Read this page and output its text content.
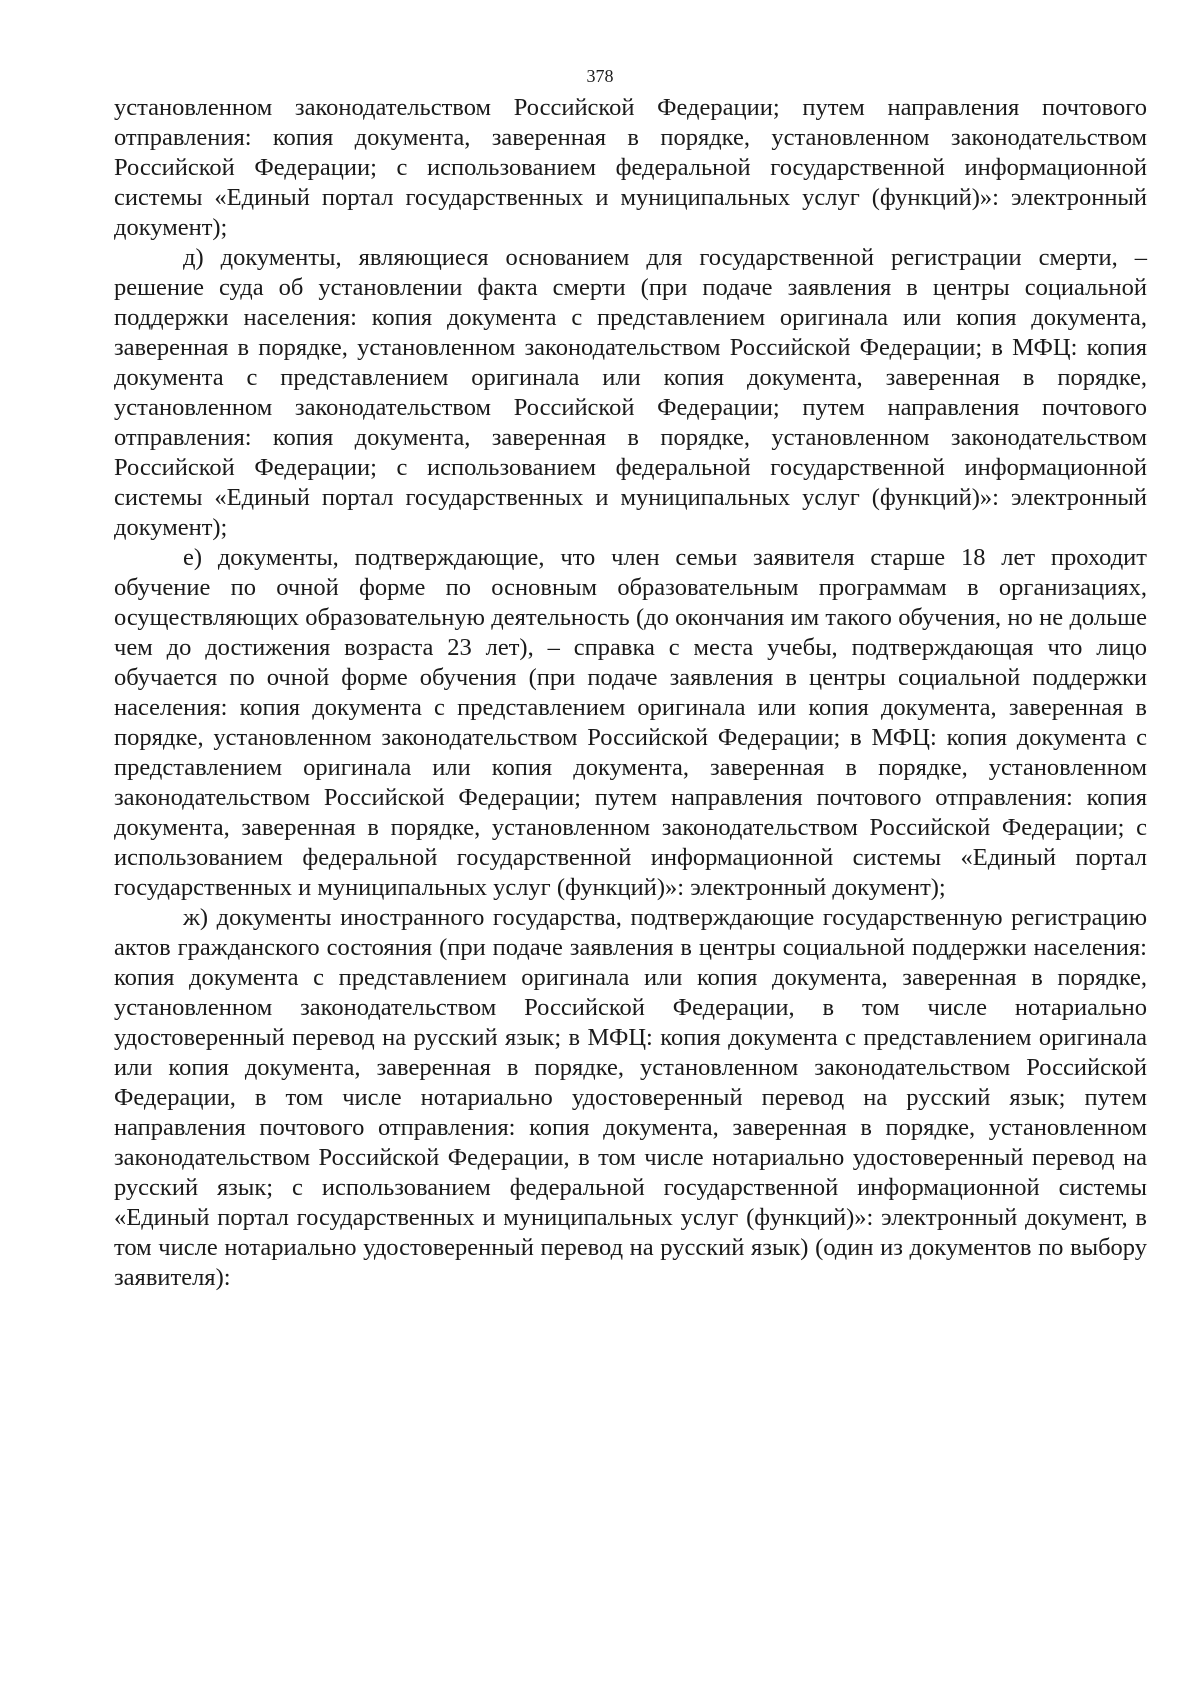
378

установленном законодательством Российской Федерации; путем направления почтового отправления: копия документа, заверенная в порядке, установленном законодательством Российской Федерации; с использованием федеральной государственной информационной системы «Единый портал государственных и муниципальных услуг (функций)»: электронный документ);

д) документы, являющиеся основанием для государственной регистрации смерти, – решение суда об установлении факта смерти (при подаче заявления в центры социальной поддержки населения: копия документа с представлением оригинала или копия документа, заверенная в порядке, установленном законодательством Российской Федерации; в МФЦ: копия документа с представлением оригинала или копия документа, заверенная в порядке, установленном законодательством Российской Федерации; путем направления почтового отправления: копия документа, заверенная в порядке, установленном законодательством Российской Федерации; с использованием федеральной государственной информационной системы «Единый портал государственных и муниципальных услуг (функций)»: электронный документ);

е) документы, подтверждающие, что член семьи заявителя старше 18 лет проходит обучение по очной форме по основным образовательным программам в организациях, осуществляющих образовательную деятельность (до окончания им такого обучения, но не дольше чем до достижения возраста 23 лет), – справка с места учебы, подтверждающая что лицо обучается по очной форме обучения (при подаче заявления в центры социальной поддержки населения: копия документа с представлением оригинала или копия документа, заверенная в порядке, установленном законодательством Российской Федерации; в МФЦ: копия документа с представлением оригинала или копия документа, заверенная в порядке, установленном законодательством Российской Федерации; путем направления почтового отправления: копия документа, заверенная в порядке, установленном законодательством Российской Федерации; с использованием федеральной государственной информационной системы «Единый портал государственных и муниципальных услуг (функций)»: электронный документ);

ж) документы иностранного государства, подтверждающие государственную регистрацию актов гражданского состояния (при подаче заявления в центры социальной поддержки населения: копия документа с представлением оригинала или копия документа, заверенная в порядке, установленном законодательством Российской Федерации, в том числе нотариально удостоверенный перевод на русский язык; в МФЦ: копия документа с представлением оригинала или копия документа, заверенная в порядке, установленном законодательством Российской Федерации, в том числе нотариально удостоверенный перевод на русский язык; путем направления почтового отправления: копия документа, заверенная в порядке, установленном законодательством Российской Федерации, в том числе нотариально удостоверенный перевод на русский язык; с использованием федеральной государственной информационной системы «Единый портал государственных и муниципальных услуг (функций)»: электронный документ, в том числе нотариально удостоверенный перевод на русский язык) (один из документов по выбору заявителя):
